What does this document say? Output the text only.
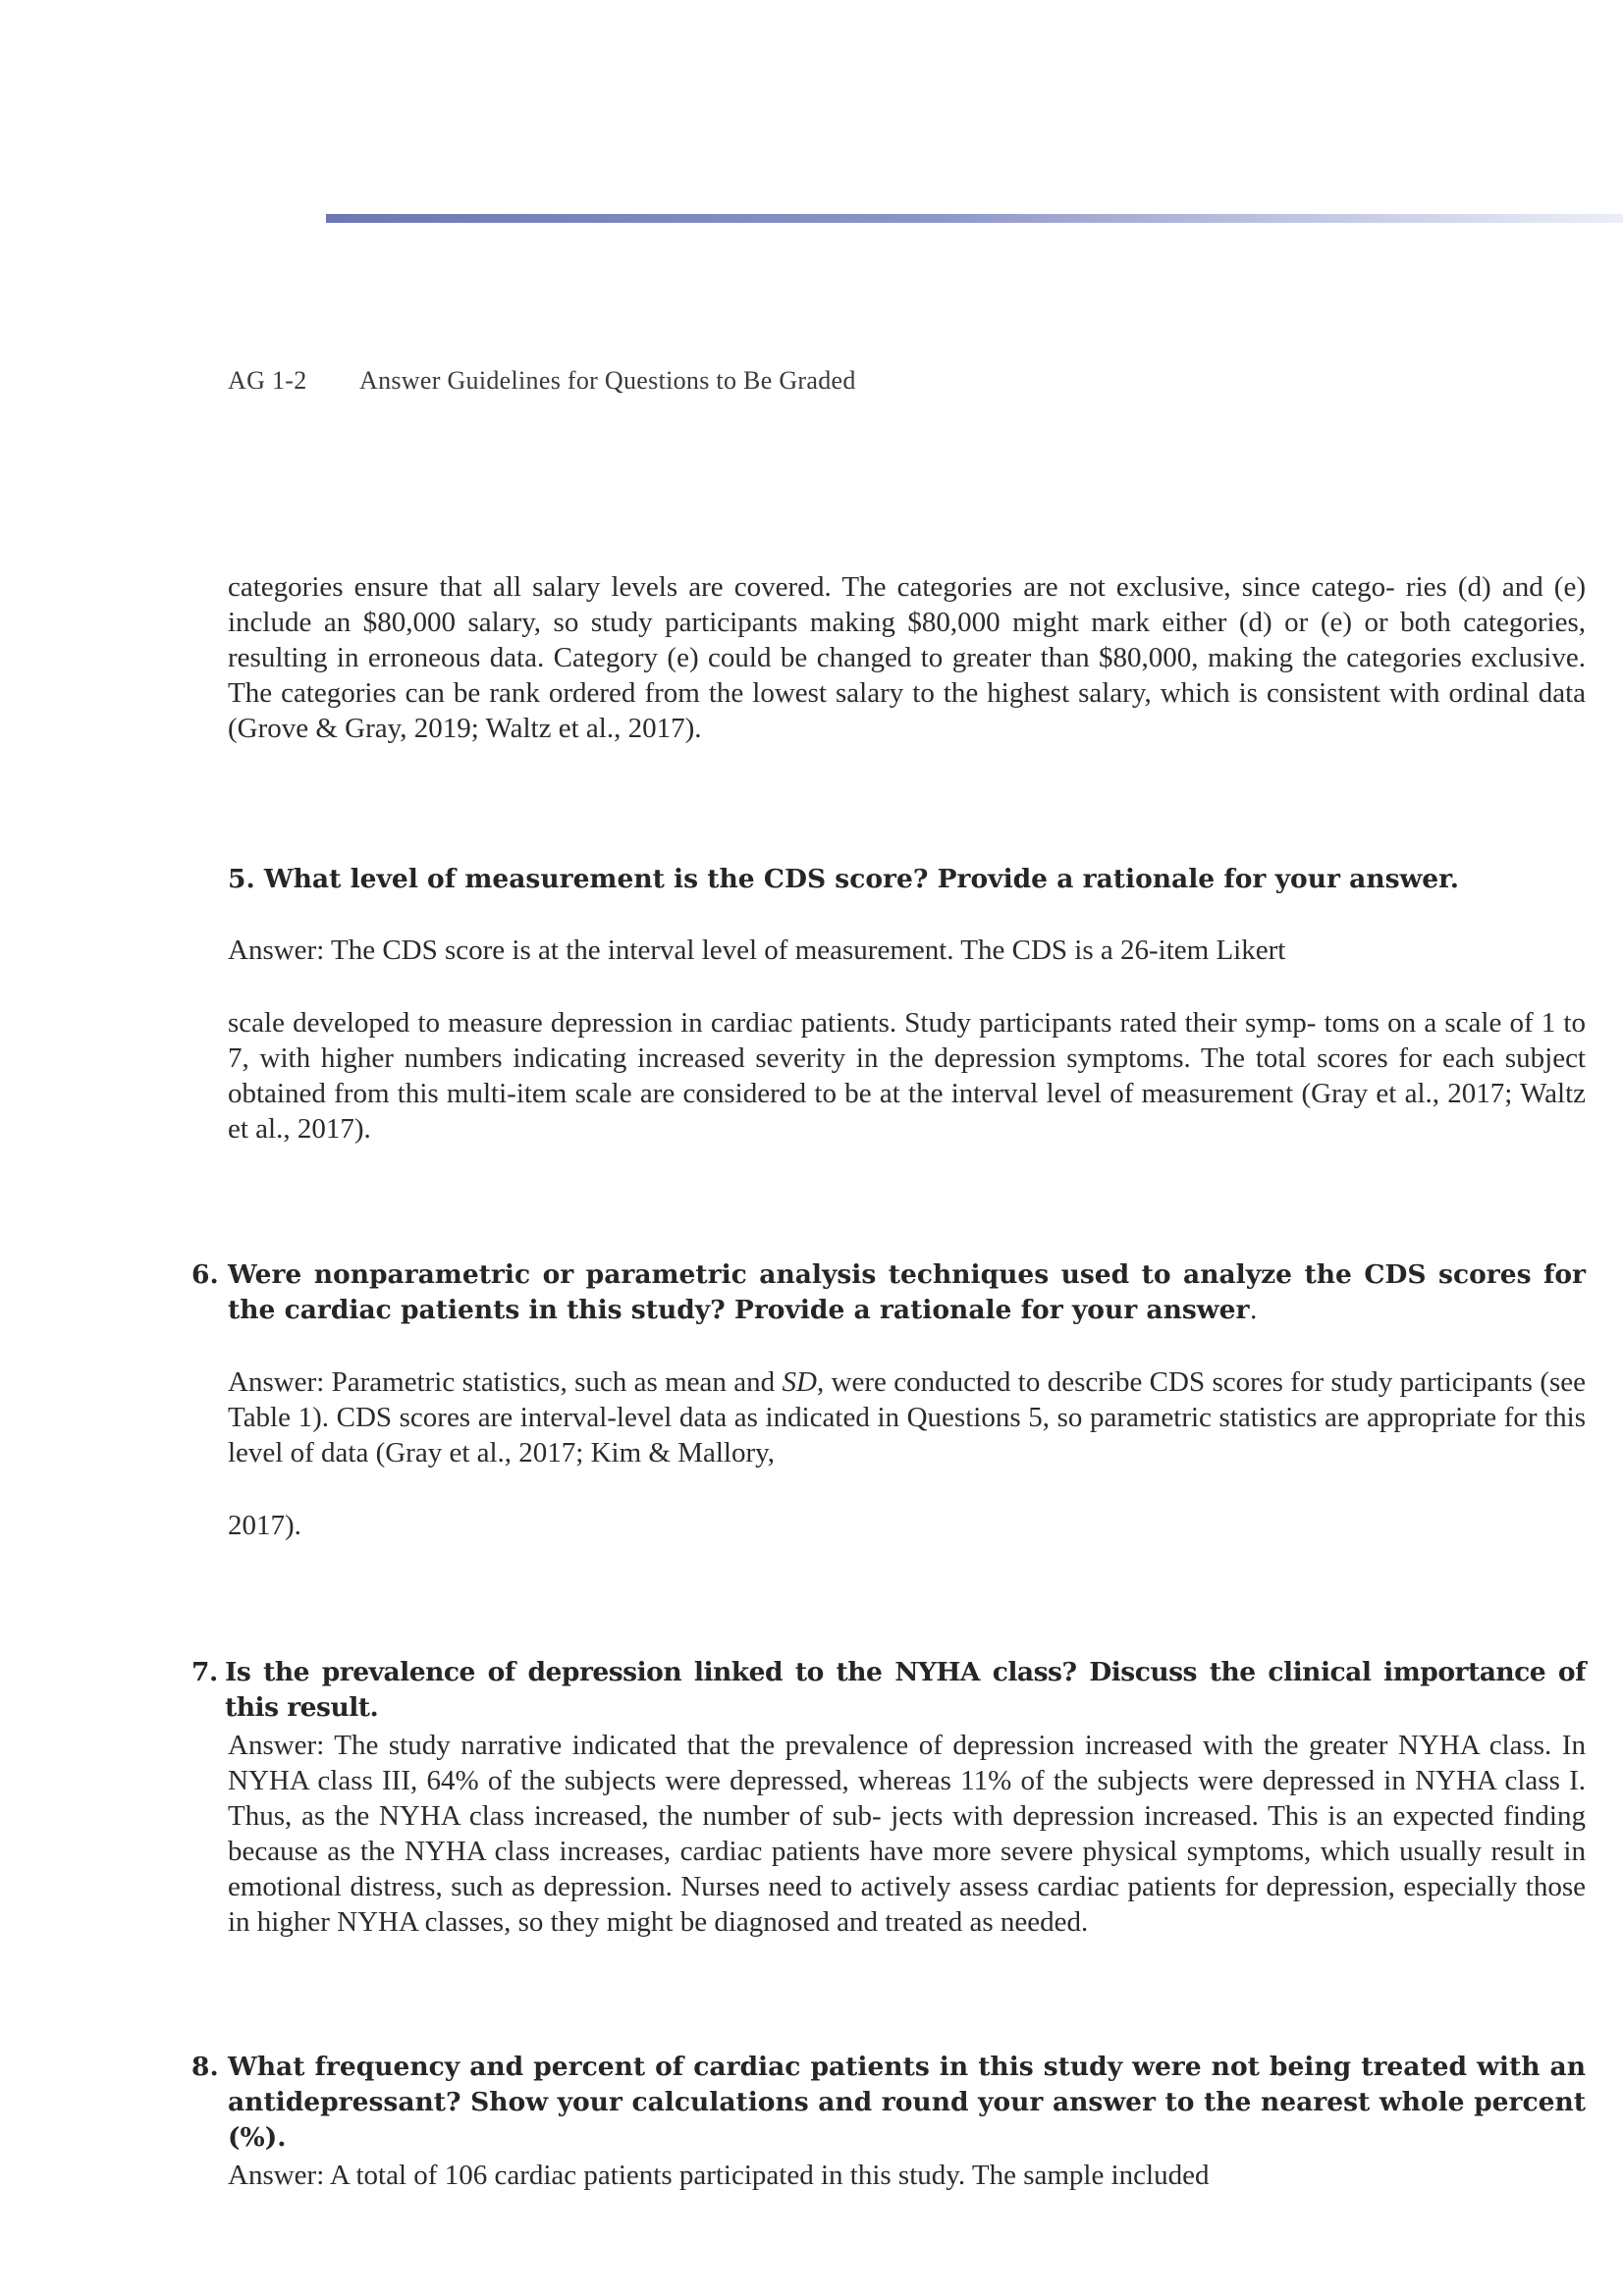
AG 1-2 Answer Guidelines for Questions to Be Graded

categories ensure that all salary levels are covered. The categories are not exclusive, since catego- ries (d) and (e) include an $80,000 salary, so study participants making $80,000 might mark either (d) or (e) or both categories, resulting in erroneous data. Category (e) could be changed to greater than $80,000, making the categories exclusive. The categories can be rank ordered from the lowest salary to the highest salary, which is consistent with ordinal data (Grove & Gray, 2019; Waltz et al., 2017).

5. What level of measurement is the CDS score? Provide a rationale for your answer.

Answer: The CDS score is at the interval level of measurement. The CDS is a 26-item Likert

scale developed to measure depression in cardiac patients. Study participants rated their symp- toms on a scale of 1 to 7, with higher numbers indicating increased severity in the depression symptoms. The total scores for each subject obtained from this multi-item scale are considered to be at the interval level of measurement (Gray et al., 2017; Waltz et al., 2017).

6. Were nonparametric or parametric analysis techniques used to analyze the CDS scores for the cardiac patients in this study? Provide a rationale for your answer.

Answer: Parametric statistics, such as mean and SD, were conducted to describe CDS scores for study participants (see Table 1). CDS scores are interval-level data as indicated in Questions 5, so parametric statistics are appropriate for this level of data (Gray et al., 2017; Kim & Mallory,

2017).

7. Is the prevalence of depression linked to the NYHA class? Discuss the clinical importance of this result.

Answer: The study narrative indicated that the prevalence of depression increased with the greater NYHA class. In NYHA class III, 64% of the subjects were depressed, whereas 11% of the subjects were depressed in NYHA class I. Thus, as the NYHA class increased, the number of sub- jects with depression increased. This is an expected finding because as the NYHA class increases, cardiac patients have more severe physical symptoms, which usually result in emotional distress, such as depression. Nurses need to actively assess cardiac patients for depression, especially those in higher NYHA classes, so they might be diagnosed and treated as needed.

8. What frequency and percent of cardiac patients in this study were not being treated with an antidepressant? Show your calculations and round your answer to the nearest whole percent (%).

Answer: A total of 106 cardiac patients participated in this study. The sample included
